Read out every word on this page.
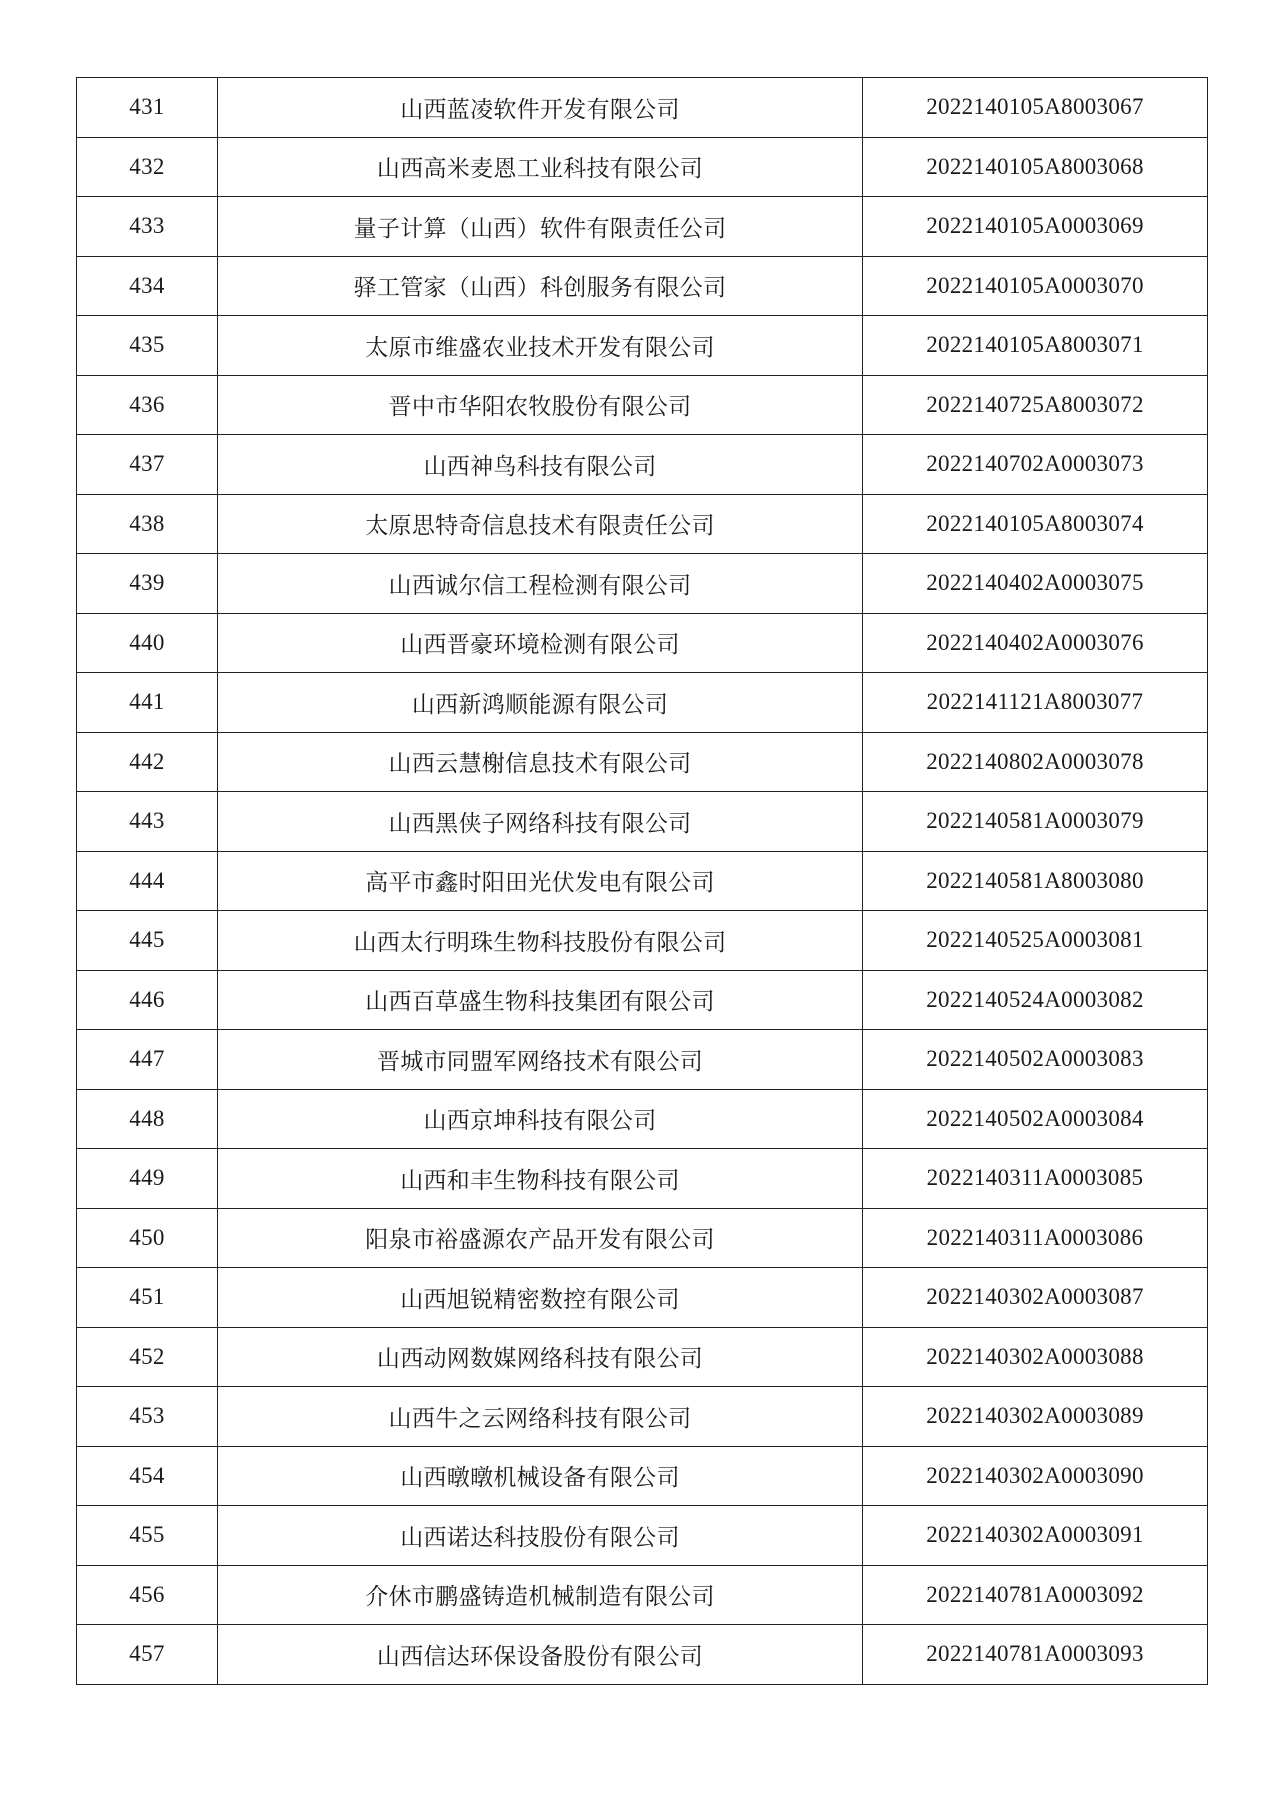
431	山西蓝凌软件开发有限公司	2022140105A8003067
432	山西高米麦恩工业科技有限公司	2022140105A8003068
433	量子计算（山西）软件有限责任公司	2022140105A0003069
434	驿工管家（山西）科创服务有限公司	2022140105A0003070
435	太原市维盛农业技术开发有限公司	2022140105A8003071
436	晋中市华阳农牧股份有限公司	2022140725A8003072
437	山西神鸟科技有限公司	2022140702A0003073
438	太原思特奇信息技术有限责任公司	2022140105A8003074
439	山西诚尔信工程检测有限公司	2022140402A0003075
440	山西晋豪环境检测有限公司	2022140402A0003076
441	山西新鸿顺能源有限公司	2022141121A8003077
442	山西云慧榭信息技术有限公司	2022140802A0003078
443	山西黑侠子网络科技有限公司	2022140581A0003079
444	高平市鑫时阳田光伏发电有限公司	2022140581A8003080
445	山西太行明珠生物科技股份有限公司	2022140525A0003081
446	山西百草盛生物科技集团有限公司	2022140524A0003082
447	晋城市同盟军网络技术有限公司	2022140502A0003083
448	山西京坤科技有限公司	2022140502A0003084
449	山西和丰生物科技有限公司	2022140311A0003085
450	阳泉市裕盛源农产品开发有限公司	2022140311A0003086
451	山西旭锐精密数控有限公司	2022140302A0003087
452	山西动网数媒网络科技有限公司	2022140302A0003088
453	山西牛之云网络科技有限公司	2022140302A0003089
454	山西暾暾机械设备有限公司	2022140302A0003090
455	山西诺达科技股份有限公司	2022140302A0003091
456	介休市鹏盛铸造机械制造有限公司	2022140781A0003092
457	山西信达环保设备股份有限公司	2022140781A0003093
